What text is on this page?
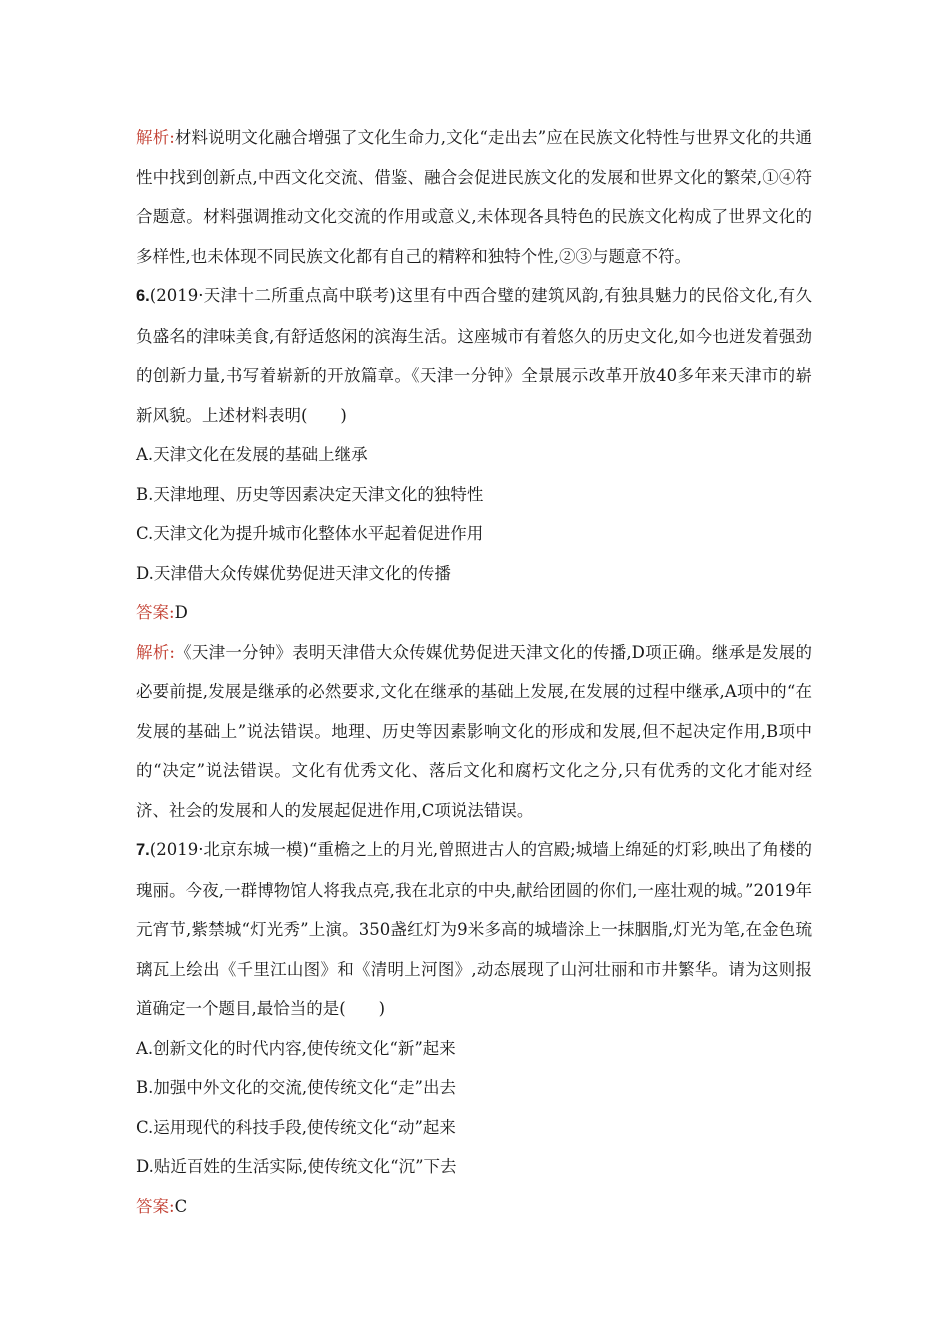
解析:材料说明文化融合增强了文化生命力,文化“走出去”应在民族文化特性与世界文化的共通性中找到创新点,中西文化交流、借鉴、融合会促进民族文化的发展和世界文化的繁荣,①④符合题意。材料强调推动文化交流的作用或意义,未体现各具特色的民族文化构成了世界文化的多样性,也未体现不同民族文化都有自己的精粹和独特个性,②③与题意不符。

6.(2019·天津十二所重点高中联考)这里有中西合璧的建筑风韵,有独具魅力的民俗文化,有久负盛名的津味美食,有舒适悠闲的滨海生活。这座城市有着悠久的历史文化,如今也迸发着强劲的创新力量,书写着崭新的开放篇章。《天津一分钟》全景展示改革开放40多年来天津市的崭新风貌。上述材料表明(　　)

A.天津文化在发展的基础上继承

B.天津地理、历史等因素决定天津文化的独特性

C.天津文化为提升城市化整体水平起着促进作用

D.天津借大众传媒优势促进天津文化的传播

答案:D

解析:《天津一分钟》表明天津借大众传媒优势促进天津文化的传播,D项正确。继承是发展的必要前提,发展是继承的必然要求,文化在继承的基础上发展,在发展的过程中继承,A项中的“在发展的基础上”说法错误。地理、历史等因素影响文化的形成和发展,但不起决定作用,B项中的“决定”说法错误。文化有优秀文化、落后文化和腐朽文化之分,只有优秀的文化才能对经济、社会的发展和人的发展起促进作用,C项说法错误。

7.(2019·北京东城一模)“重檐之上的月光,曾照进古人的宫殿;城墙上绵延的灯彩,映出了角楼的瑰丽。今夜,一群博物馆人将我点亮,我在北京的中央,献给团圆的你们,一座壮观的城。”2019年元宵节,紫禁城“灯光秀”上演。350盏红灯为9米多高的城墙涂上一抹胭脂,灯光为笔,在金色琉璃瓦上绘出《千里江山图》和《清明上河图》,动态展现了山河壮丽和市井繁华。请为这则报道确定一个题目,最恰当的是(　　)

A.创新文化的时代内容,使传统文化“新”起来

B.加强中外文化的交流,使传统文化“走”出去

C.运用现代的科技手段,使传统文化“动”起来

D.贴近百姓的生活实际,使传统文化“沉”下去

答案:C
